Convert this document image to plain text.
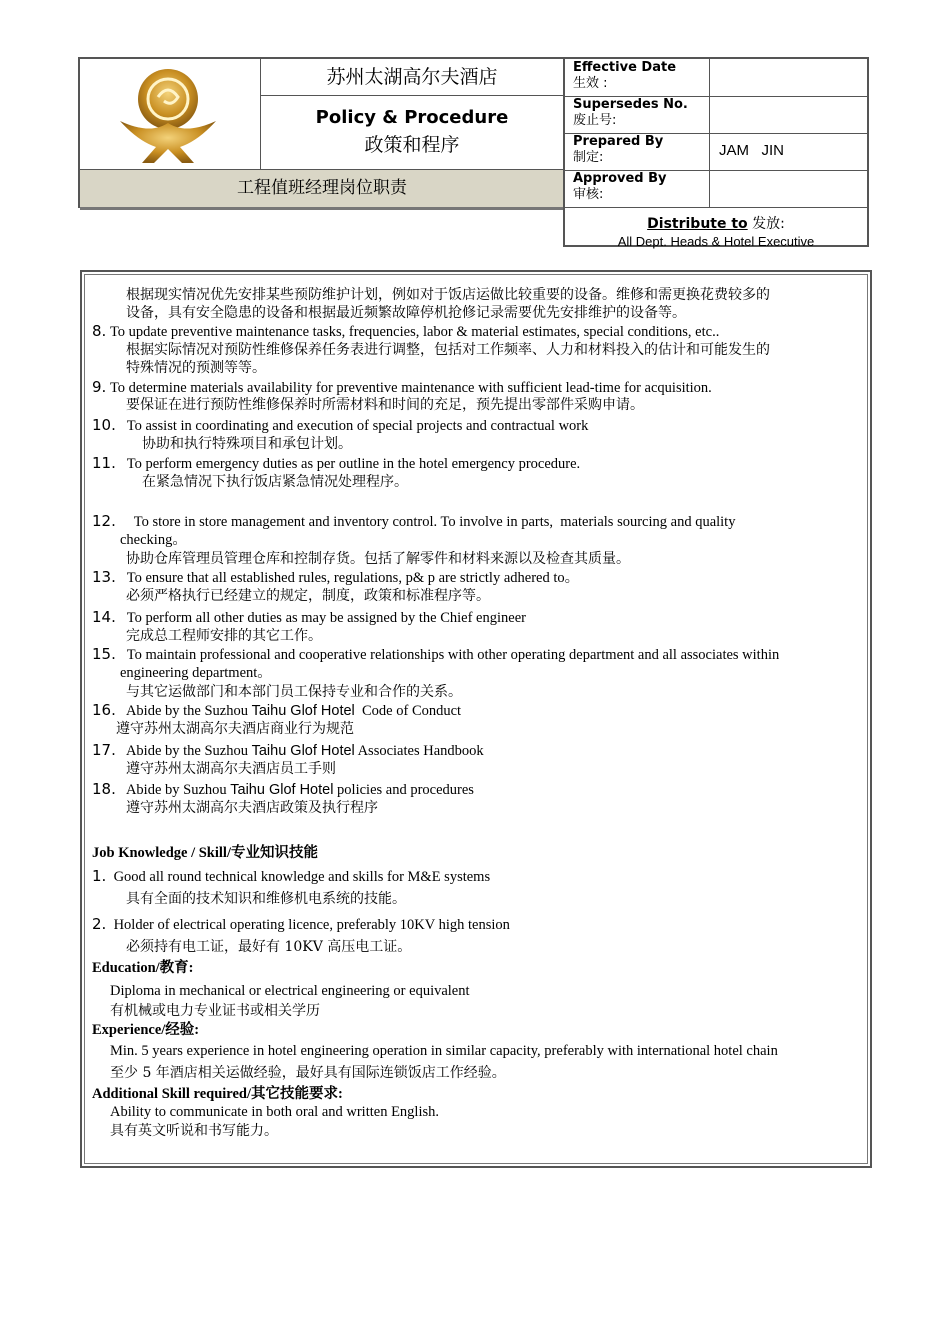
苏州太湖高尔夫酒店
Policy & Procedure
政策和程序
工程值班经理岗位职责
Effective Date
生效 :
Supersedes No.
废止号:
Prepared By
制定:	JAM   JIN
Approved By
审核:
Distribute to 发放:
All Dept. Heads & Hotel Executive
根据现实情况优先安排某些预防维护计划，例如对于饭店运做比较重要的设备。维修和需更换花费较多的
设备，具有安全隐患的设备和根据最近频繁故障停机抢修记录需要优先安排维护的设备等。
8. To update preventive maintenance tasks, frequencies, labor & material estimates, special conditions, etc..
根据实际情况对预防性维修保养任务表进行调整，包括对工作频率、人力和材料投入的估计和可能发生的
特殊情况的预测等等。
9. To determine materials availability for preventive maintenance with sufficient lead-time for acquisition.
要保证在进行预防性维修保养时所需材料和时间的充足，预先提出零部件采购申请。
10. To assist in coordinating and execution of special projects and contractual work
协助和执行特殊项目和承包计划。
11. To perform emergency duties as per outline in the hotel emergency procedure.
在紧急情况下执行饭店紧急情况处理程序。
12. To store in store management and inventory control. To involve in parts,  materials sourcing and quality
checking。
协助仓库管理员管理仓库和控制存货。包括了解零件和材料来源以及检查其质量。
13. To ensure that all established rules, regulations, p& p are strictly adhered to。
必须严格执行已经建立的规定，制度，政策和标准程序等。
14. To perform all other duties as may be assigned by the Chief engineer
完成总工程师安排的其它工作。
15. To maintain professional and cooperative relationships with other operating department and all associates within
engineering department。
与其它运做部门和本部门员工保持专业和合作的关系。
16. Abide by the Suzhou Taihu Glof Hotel  Code of Conduct
遵守苏州太湖高尔夫酒店商业行为规范
17. Abide by the Suzhou Taihu Glof Hotel Associates Handbook
遵守苏州太湖高尔夫酒店员工手则
18. Abide by Suzhou Taihu Glof Hotel policies and procedures
遵守苏州太湖高尔夫酒店政策及执行程序
Job Knowledge / Skill/专业知识技能
1. Good all round technical knowledge and skills for M&E systems
具有全面的技术知识和维修机电系统的技能。
2. Holder of electrical operating licence, preferably 10KV high tension
必须持有电工证，最好有 10KV 高压电工证。
Education/教育:
Diploma in mechanical or electrical engineering or equivalent
有机械或电力专业证书或相关学历
Experience/经验:
Min. 5 years experience in hotel engineering operation in similar capacity, preferably with international hotel chain
至少 5 年酒店相关运做经验，最好具有国际连锁饭店工作经验。
Additional Skill required/其它技能要求:
Ability to communicate in both oral and written English.
具有英文听说和书写能力。
